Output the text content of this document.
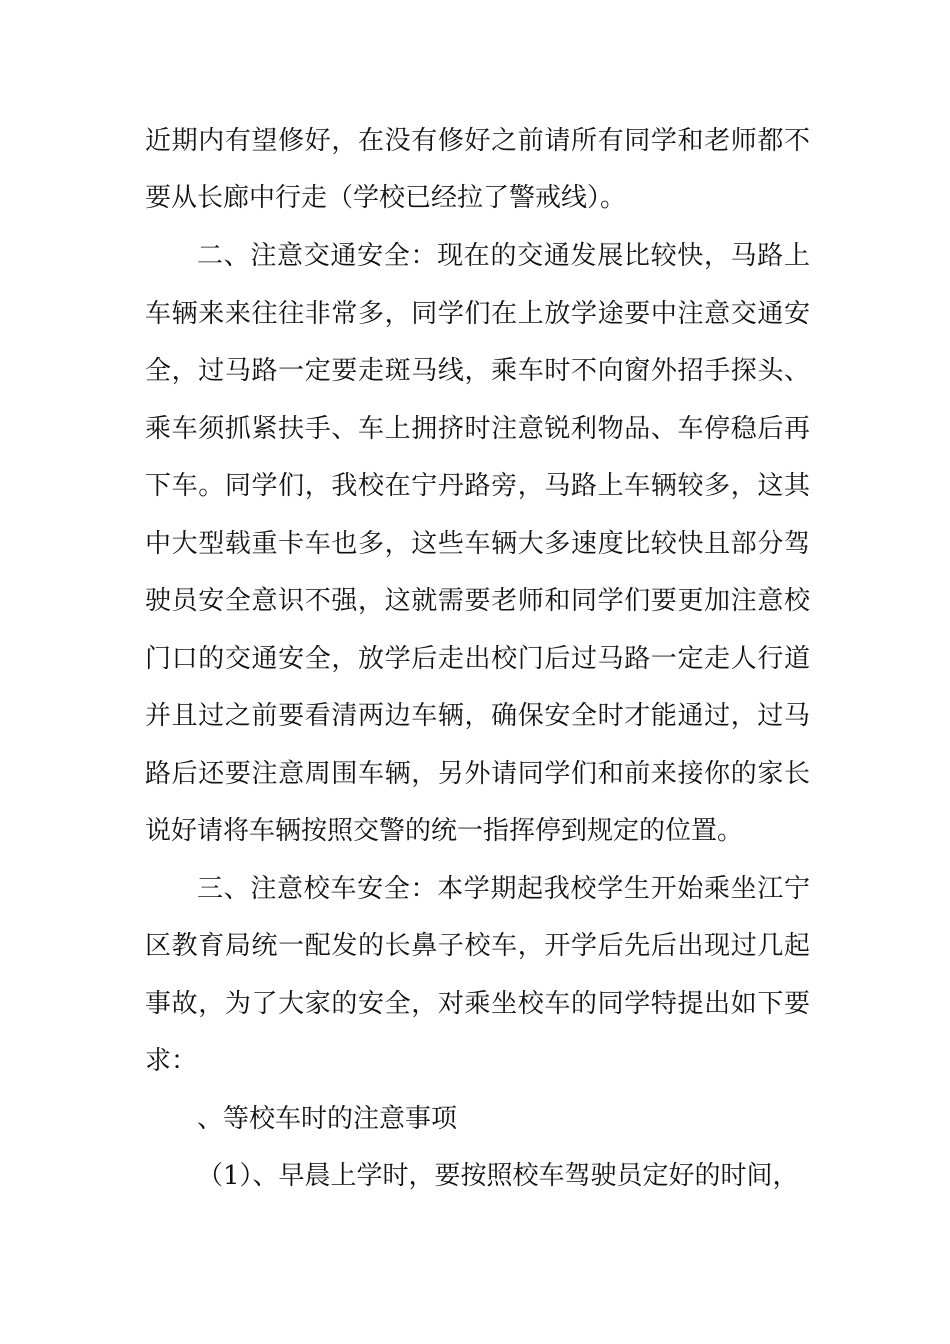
近期内有望修好，在没有修好之前请所有同学和老师都不
要从长廊中行走（学校已经拉了警戒线）。
二、注意交通安全：现在的交通发展比较快，马路上
车辆来来往往非常多，同学们在上放学途要中注意交通安
全，过马路一定要走斑马线，乘车时不向窗外招手探头、
乘车须抓紧扶手、车上拥挤时注意锐利物品、车停稳后再
下车。同学们，我校在宁丹路旁，马路上车辆较多，这其
中大型载重卡车也多，这些车辆大多速度比较快且部分驾
驶员安全意识不强，这就需要老师和同学们要更加注意校
门口的交通安全，放学后走出校门后过马路一定走人行道
并且过之前要看清两边车辆，确保安全时才能通过，过马
路后还要注意周围车辆，另外请同学们和前来接你的家长
说好请将车辆按照交警的统一指挥停到规定的位置。
三、注意校车安全：本学期起我校学生开始乘坐江宁
区教育局统一配发的长鼻子校车，开学后先后出现过几起
事故，为了大家的安全，对乘坐校车的同学特提出如下要
求：
、等校车时的注意事项
（1）、早晨上学时，要按照校车驾驶员定好的时间，
